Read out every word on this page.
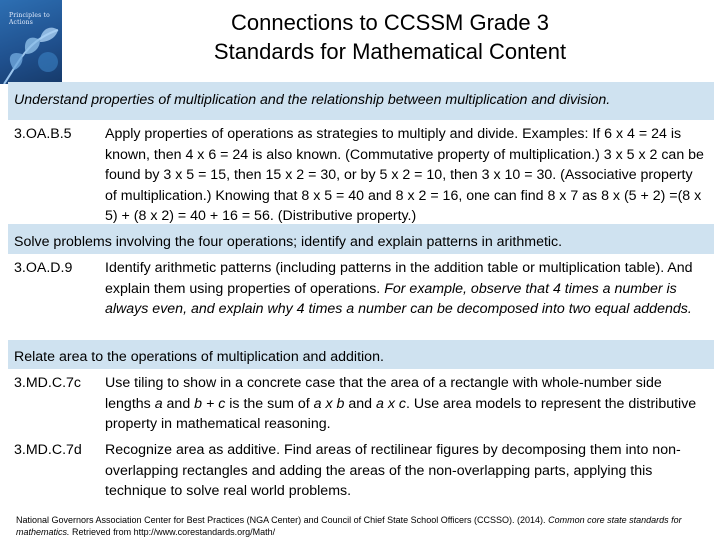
Principles to Actions	Connections to CCSSM Grade 3
Standards for Mathematical Content
Understand properties of multiplication and the relationship between multiplication and division.
3.OA.B.5 Apply properties of operations as strategies to multiply and divide. Examples: If 6 x 4 = 24 is known, then 4 x 6 = 24 is also known. (Commutative property of multiplication.) 3 x 5 x 2 can be found by 3 x 5 = 15, then 15 x 2 = 30, or by 5 x 2 = 10, then 3 x 10 = 30. (Associative property of multiplication.) Knowing that 8 x 5 = 40 and 8 x 2 = 16, one can find 8 x 7 as 8 x (5 + 2) =(8 x 5) + (8 x 2) = 40 + 16 = 56. (Distributive property.)
Solve problems involving the four operations; identify and explain patterns in arithmetic.
3.OA.D.9 Identify arithmetic patterns (including patterns in the addition table or multiplication table). And explain them using properties of operations. For example, observe that 4 times a number is always even, and explain why 4 times a number can be decomposed into two equal addends.
Relate area to the operations of multiplication and addition.
3.MD.C.7c Use tiling to show in a concrete case that the area of a rectangle with whole-number side lengths a and b + c is the sum of a x b and a x c. Use area models to represent the distributive property in mathematical reasoning.
3.MD.C.7d Recognize area as additive. Find areas of rectilinear figures by decomposing them into non-overlapping rectangles and adding the areas of the non-overlapping parts, applying this technique to solve real world problems.
National Governors Association Center for Best Practices (NGA Center) and Council of Chief State School Officers (CCSSO). (2014). Common core state standards for mathematics. Retrieved from http://www.corestandards.org/Math/
